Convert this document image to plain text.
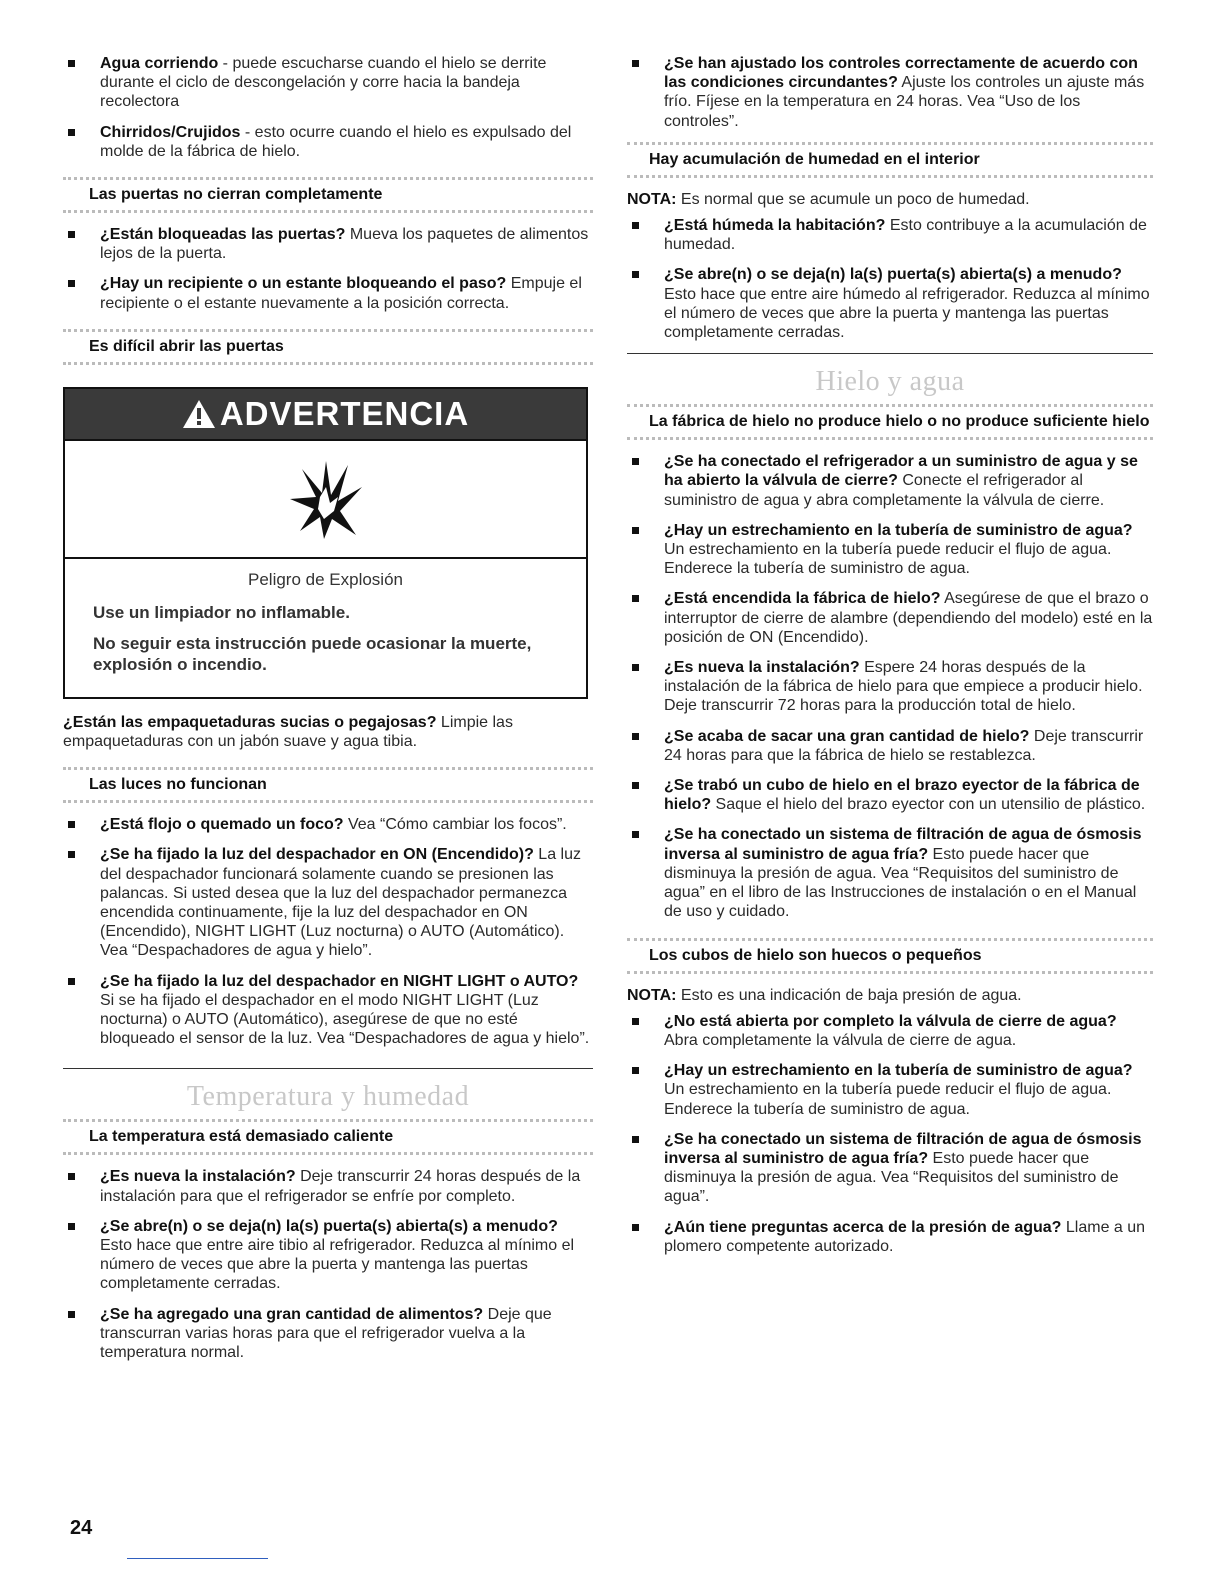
Agua corriendo - puede escucharse cuando el hielo se derrite durante el ciclo de descongelación y corre hacia la bandeja recolectora
Chirridos/Crujidos - esto ocurre cuando el hielo es expulsado del molde de la fábrica de hielo.
Las puertas no cierran completamente
¿Están bloqueadas las puertas? Mueva los paquetes de alimentos lejos de la puerta.
¿Hay un recipiente o un estante bloqueando el paso? Empuje el recipiente o el estante nuevamente a la posición correcta.
Es difícil abrir las puertas
ADVERTENCIA
Peligro de Explosión

Use un limpiador no inflamable.

No seguir esta instrucción puede ocasionar la muerte, explosión o incendio.

¿Están las empaquetaduras sucias o pegajosas? Limpie las empaquetaduras con un jabón suave y agua tibia.
Las luces no funcionan
¿Está flojo o quemado un foco? Vea “Cómo cambiar los focos”.
¿Se ha fijado la luz del despachador en ON (Encendido)? La luz del despachador funcionará solamente cuando se presionen las palancas. Si usted desea que la luz del despachador permanezca encendida continuamente, fije la luz del despachador en ON (Encendido), NIGHT LIGHT (Luz nocturna) o AUTO (Automático). Vea “Despachadores de agua y hielo”.
¿Se ha fijado la luz del despachador en NIGHT LIGHT o AUTO? Si se ha fijado el despachador en el modo NIGHT LIGHT (Luz nocturna) o AUTO (Automático), asegúrese de que no esté bloqueado el sensor de la luz. Vea “Despachadores de agua y hielo”.
Temperatura y humedad
La temperatura está demasiado caliente
¿Es nueva la instalación? Deje transcurrir 24 horas después de la instalación para que el refrigerador se enfríe por completo.
¿Se abre(n) o se deja(n) la(s) puerta(s) abierta(s) a menudo? Esto hace que entre aire tibio al refrigerador. Reduzca al mínimo el número de veces que abre la puerta y mantenga las puertas completamente cerradas.
¿Se ha agregado una gran cantidad de alimentos? Deje que transcurran varias horas para que el refrigerador vuelva a la temperatura normal.
¿Se han ajustado los controles correctamente de acuerdo con las condiciones circundantes? Ajuste los controles un ajuste más frío. Fíjese en la temperatura en 24 horas. Vea “Uso de los controles”.
Hay acumulación de humedad en el interior
NOTA: Es normal que se acumule un poco de humedad.
¿Está húmeda la habitación? Esto contribuye a la acumulación de humedad.
¿Se abre(n) o se deja(n) la(s) puerta(s) abierta(s) a menudo? Esto hace que entre aire húmedo al refrigerador. Reduzca al mínimo el número de veces que abre la puerta y mantenga las puertas completamente cerradas.
Hielo y agua
La fábrica de hielo no produce hielo o no produce suficiente hielo
¿Se ha conectado el refrigerador a un suministro de agua y se ha abierto la válvula de cierre? Conecte el refrigerador al suministro de agua y abra completamente la válvula de cierre.
¿Hay un estrechamiento en la tubería de suministro de agua? Un estrechamiento en la tubería puede reducir el flujo de agua. Enderece la tubería de suministro de agua.
¿Está encendida la fábrica de hielo? Asegúrese de que el brazo o interruptor de cierre de alambre (dependiendo del modelo) esté en la posición de ON (Encendido).
¿Es nueva la instalación? Espere 24 horas después de la instalación de la fábrica de hielo para que empiece a producir hielo. Deje transcurrir 72 horas para la producción total de hielo.
¿Se acaba de sacar una gran cantidad de hielo? Deje transcurrir 24 horas para que la fábrica de hielo se restablezca.
¿Se trabó un cubo de hielo en el brazo eyector de la fábrica de hielo? Saque el hielo del brazo eyector con un utensilio de plástico.
¿Se ha conectado un sistema de filtración de agua de ósmosis inversa al suministro de agua fría? Esto puede hacer que disminuya la presión de agua. Vea “Requisitos del suministro de agua” en el libro de las Instrucciones de instalación o en el Manual de uso y cuidado.
Los cubos de hielo son huecos o pequeños
NOTA: Esto es una indicación de baja presión de agua.
¿No está abierta por completo la válvula de cierre de agua? Abra completamente la válvula de cierre de agua.
¿Hay un estrechamiento en la tubería de suministro de agua? Un estrechamiento en la tubería puede reducir el flujo de agua. Enderece la tubería de suministro de agua.
¿Se ha conectado un sistema de filtración de agua de ósmosis inversa al suministro de agua fría? Esto puede hacer que disminuya la presión de agua. Vea “Requisitos del suministro de agua”.
¿Aún tiene preguntas acerca de la presión de agua? Llame a un plomero competente autorizado.
24
